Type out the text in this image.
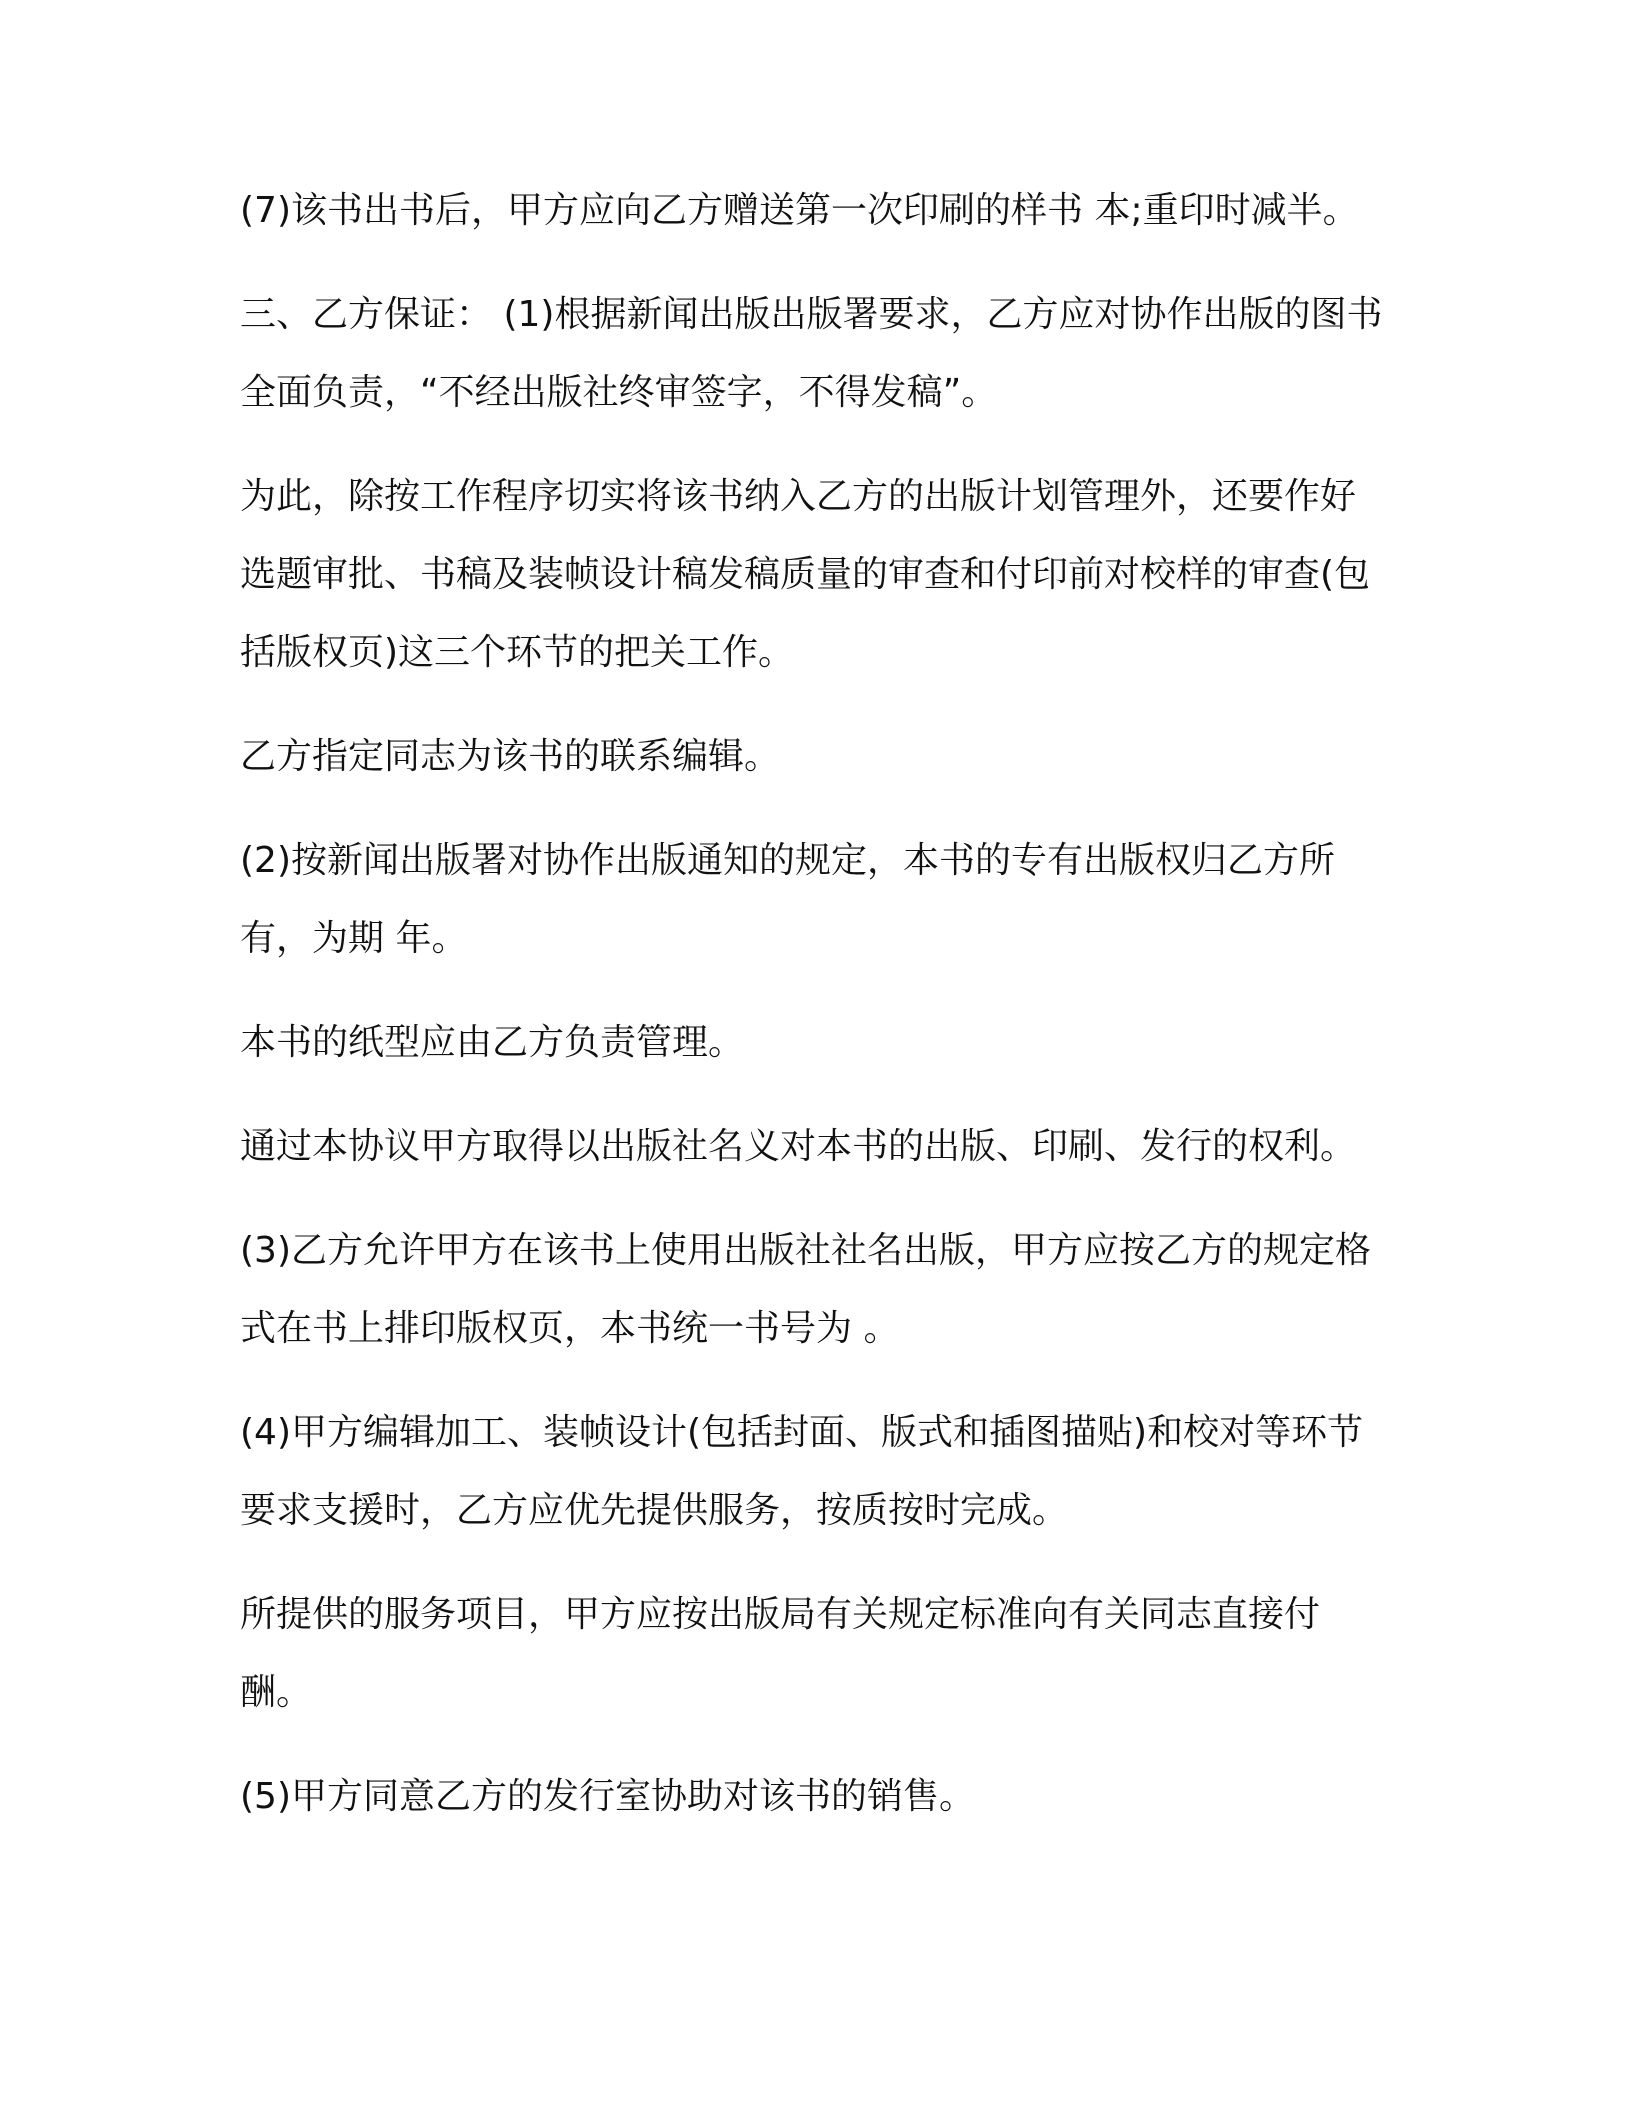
(7)该书出书后，甲方应向乙方赠送第一次印刷的样书 本;重印时减半。

三、乙方保证： (1)根据新闻出版出版署要求，乙方应对协作出版的图书全面负责，“不经出版社终审签字，不得发稿”。

为此，除按工作程序切实将该书纳入乙方的出版计划管理外，还要作好选题审批、书稿及装帧设计稿发稿质量的审查和付印前对校样的审查(包括版权页)这三个环节的把关工作。

乙方指定同志为该书的联系编辑。

(2)按新闻出版署对协作出版通知的规定，本书的专有出版权归乙方所有，为期 年。

本书的纸型应由乙方负责管理。

通过本协议甲方取得以出版社名义对本书的出版、印刷、发行的权利。

(3)乙方允许甲方在该书上使用出版社社名出版，甲方应按乙方的规定格式在书上排印版权页，本书统一书号为 。

(4)甲方编辑加工、装帧设计(包括封面、版式和插图描贴)和校对等环节要求支援时，乙方应优先提供服务，按质按时完成。

所提供的服务项目，甲方应按出版局有关规定标准向有关同志直接付酬。

(5)甲方同意乙方的发行室协助对该书的销售。
